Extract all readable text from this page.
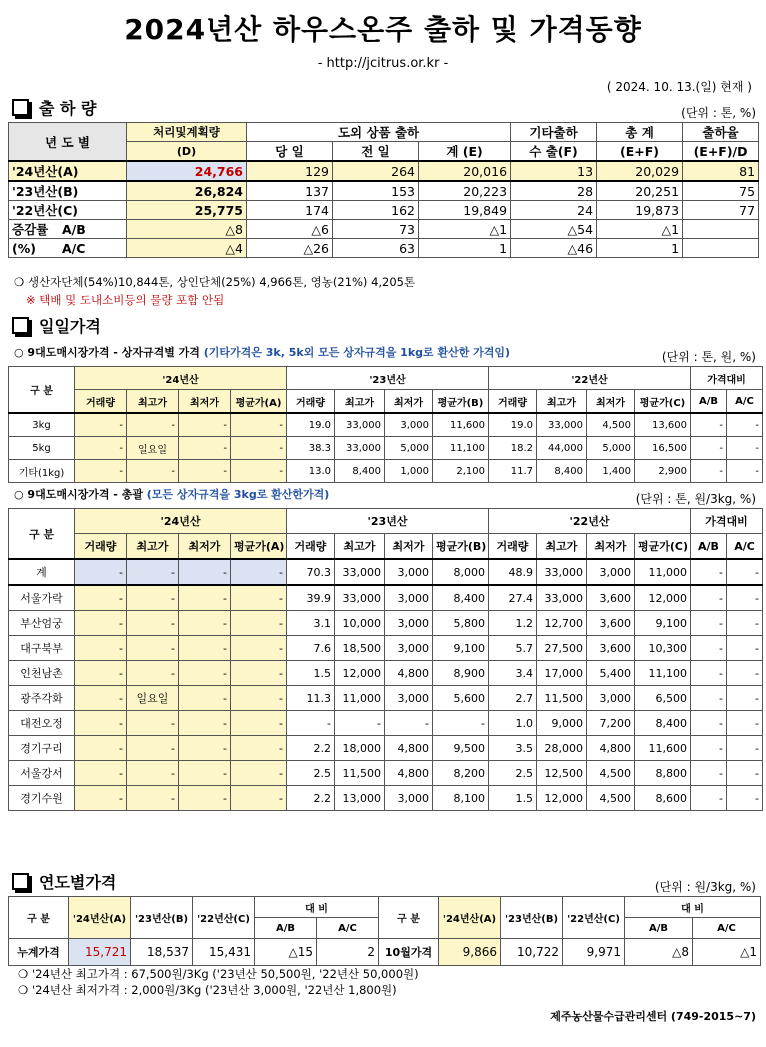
2024년산 하우스온주 출하 및 가격동향
- http://jcitrus.or.kr -
( 2024. 10. 13.(일) 현재 )
출 하 량	(단위 : 톤, %)
년 도 별	처리및계획량	도외 상품 출하			기타출하	총 계	출하율
	(D)	당 일	전 일	계 (E)	수 출(F)	(E+F)	(E+F)/D
'24년산(A)	24,766	129	264	20,016	13	20,029	81
'23년산(B)	26,824	137	153	20,223	28	20,251	75
'22년산(C)	25,775	174	162	19,849	24	19,873	77
증감률 A/B	△8	△6	73	△1	△54	△1	
(%) A/C	△4	△26	63	1	△46	1	
❍ 생산자단체(54%)10,844톤, 상인단체(25%) 4,966톤, 영농(21%) 4,205톤
※ 택배 및 도내소비등의 물량 포함 안됨
일일가격
○ 9대도매시장가격 - 상자규격별 가격 (기타가격은 3k, 5k외 모든 상자규격을 1kg로 환산한 가격임)	(단위 : 톤, 원, %)
구 분	'24년산				'23년산				'22년산				가격대비	
	거래량	최고가	최저가	평균가(A)	거래량	최고가	최저가	평균가(B)	거래량	최고가	최저가	평균가(C)	A/B	A/C
3kg	-	-	-	-	19.0	33,000	3,000	11,600	19.0	33,000	4,500	13,600	-	-
5kg	-	일요일	-	-	38.3	33,000	5,000	11,100	18.2	44,000	5,000	16,500	-	-
기타(1kg)	-	-	-	-	13.0	8,400	1,000	2,100	11.7	8,400	1,400	2,900	-	-
○ 9대도매시장가격 - 총괄 (모든 상자규격을 3kg로 환산한가격)	(단위 : 톤, 원/3kg, %)
구 분	'24년산				'23년산				'22년산				가격대비	
	거래량	최고가	최저가	평균가(A)	거래량	최고가	최저가	평균가(B)	거래량	최고가	최저가	평균가(C)	A/B	A/C
계	-	-	-	-	70.3	33,000	3,000	8,000	48.9	33,000	3,000	11,000	-	-
서울가락	-	-	-	-	39.9	33,000	3,000	8,400	27.4	33,000	3,600	12,000	-	-
부산엄궁	-	-	-	-	3.1	10,000	3,000	5,800	1.2	12,700	3,600	9,100	-	-
대구북부	-	-	-	-	7.6	18,500	3,000	9,100	5.7	27,500	3,600	10,300	-	-
인천남촌	-	-	-	-	1.5	12,000	4,800	8,900	3.4	17,000	5,400	11,100	-	-
광주각화	-	일요일	-	-	11.3	11,000	3,000	5,600	2.7	11,500	3,000	6,500	-	-
대전오정	-	-	-	-	-	-	-	-	1.0	9,000	7,200	8,400	-	-
경기구리	-	-	-	-	2.2	18,000	4,800	9,500	3.5	28,000	4,800	11,600	-	-
서울강서	-	-	-	-	2.5	11,500	4,800	8,200	2.5	12,500	4,500	8,800	-	-
경기수원	-	-	-	-	2.2	13,000	3,000	8,100	1.5	12,000	4,500	8,600	-	-
연도별가격	(단위 : 원/3kg, %)
구 분	'24년산(A)	'23년산(B)	'22년산(C)	대 비		구 분	'24년산(A)	'23년산(B)	'22년산(C)	대 비	
				A/B	A/C					A/B	A/C
누계가격	15,721	18,537	15,431	△15	2	10월가격	9,866	10,722	9,971	△8	△1
❍ '24년산 최고가격 : 67,500원/3Kg ('23년산 50,500원, '22년산 50,000원)
❍ '24년산 최저가격 : 2,000원/3Kg ('23년산 3,000원, '22년산 1,800원)
제주농산물수급관리센터 (749-2015~7)
